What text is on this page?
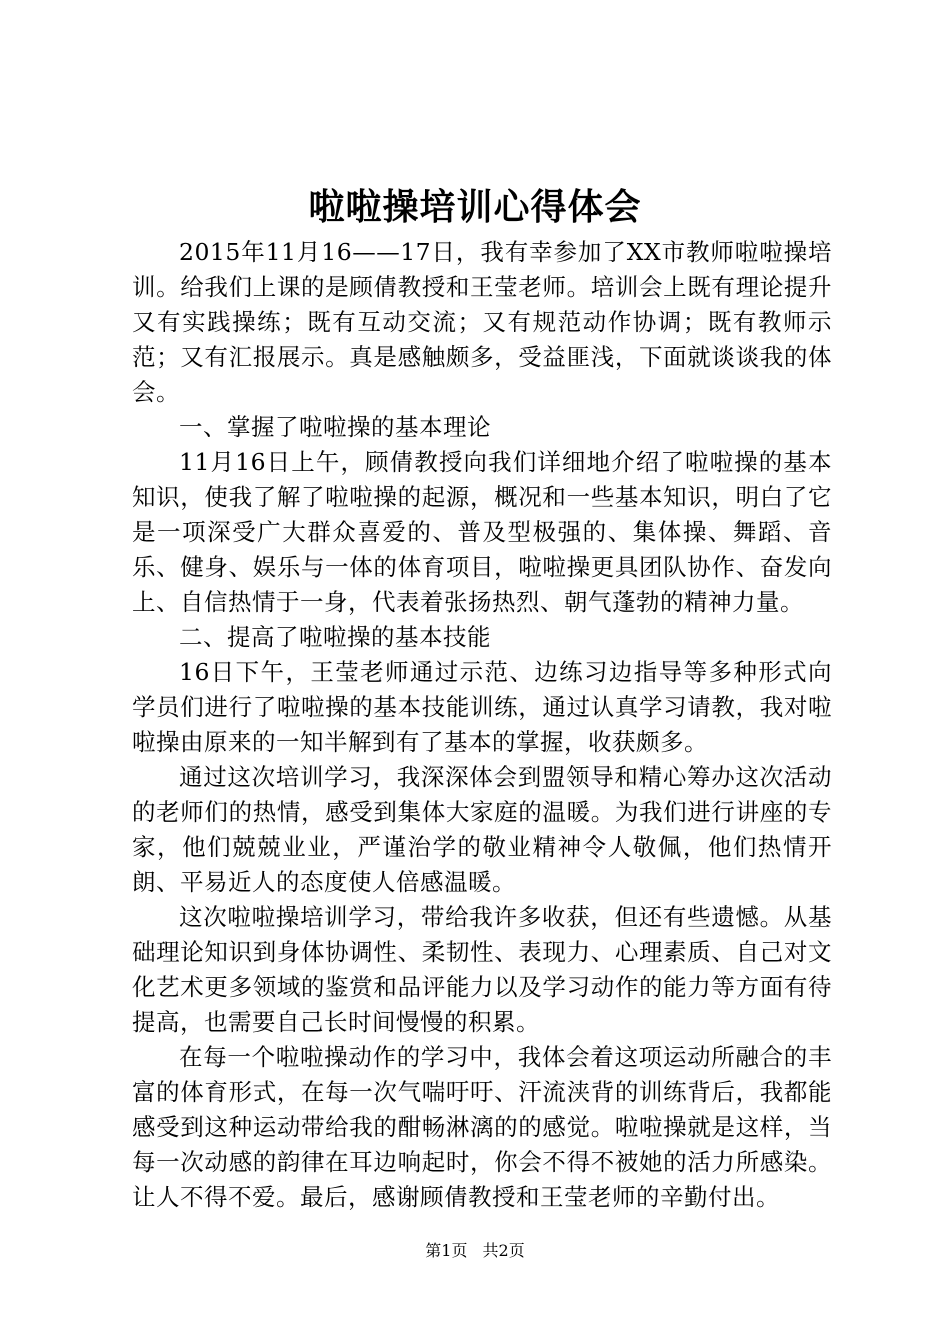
啦啦操培训心得体会

2015年11月16——17日，我有幸参加了XX市教师啦啦操培训。给我们上课的是顾倩教授和王莹老师。培训会上既有理论提升又有实践操练；既有互动交流；又有规范动作协调；既有教师示范；又有汇报展示。真是感触颇多，受益匪浅，下面就谈谈我的体会。

一、掌握了啦啦操的基本理论

11月16日上午，顾倩教授向我们详细地介绍了啦啦操的基本知识，使我了解了啦啦操的起源，概况和一些基本知识，明白了它是一项深受广大群众喜爱的、普及型极强的、集体操、舞蹈、音乐、健身、娱乐与一体的体育项目，啦啦操更具团队协作、奋发向上、自信热情于一身，代表着张扬热烈、朝气蓬勃的精神力量。

二、提高了啦啦操的基本技能

16日下午，王莹老师通过示范、边练习边指导等多种形式向学员们进行了啦啦操的基本技能训练，通过认真学习请教，我对啦啦操由原来的一知半解到有了基本的掌握，收获颇多。

通过这次培训学习，我深深体会到盟领导和精心筹办这次活动的老师们的热情，感受到集体大家庭的温暖。为我们进行讲座的专家，他们兢兢业业，严谨治学的敬业精神令人敬佩，他们热情开朗、平易近人的态度使人倍感温暖。

这次啦啦操培训学习，带给我许多收获，但还有些遗憾。从基础理论知识到身体协调性、柔韧性、表现力、心理素质、自己对文化艺术更多领域的鉴赏和品评能力以及学习动作的能力等方面有待提高，也需要自己长时间慢慢的积累。

在每一个啦啦操动作的学习中，我体会着这项运动所融合的丰富的体育形式，在每一次气喘吁吁、汗流浃背的训练背后，我都能感受到这种运动带给我的酣畅淋漓的的感觉。啦啦操就是这样，当每一次动感的韵律在耳边响起时，你会不得不被她的活力所感染。让人不得不爱。最后，感谢顾倩教授和王莹老师的辛勤付出。

第1页 共2页
